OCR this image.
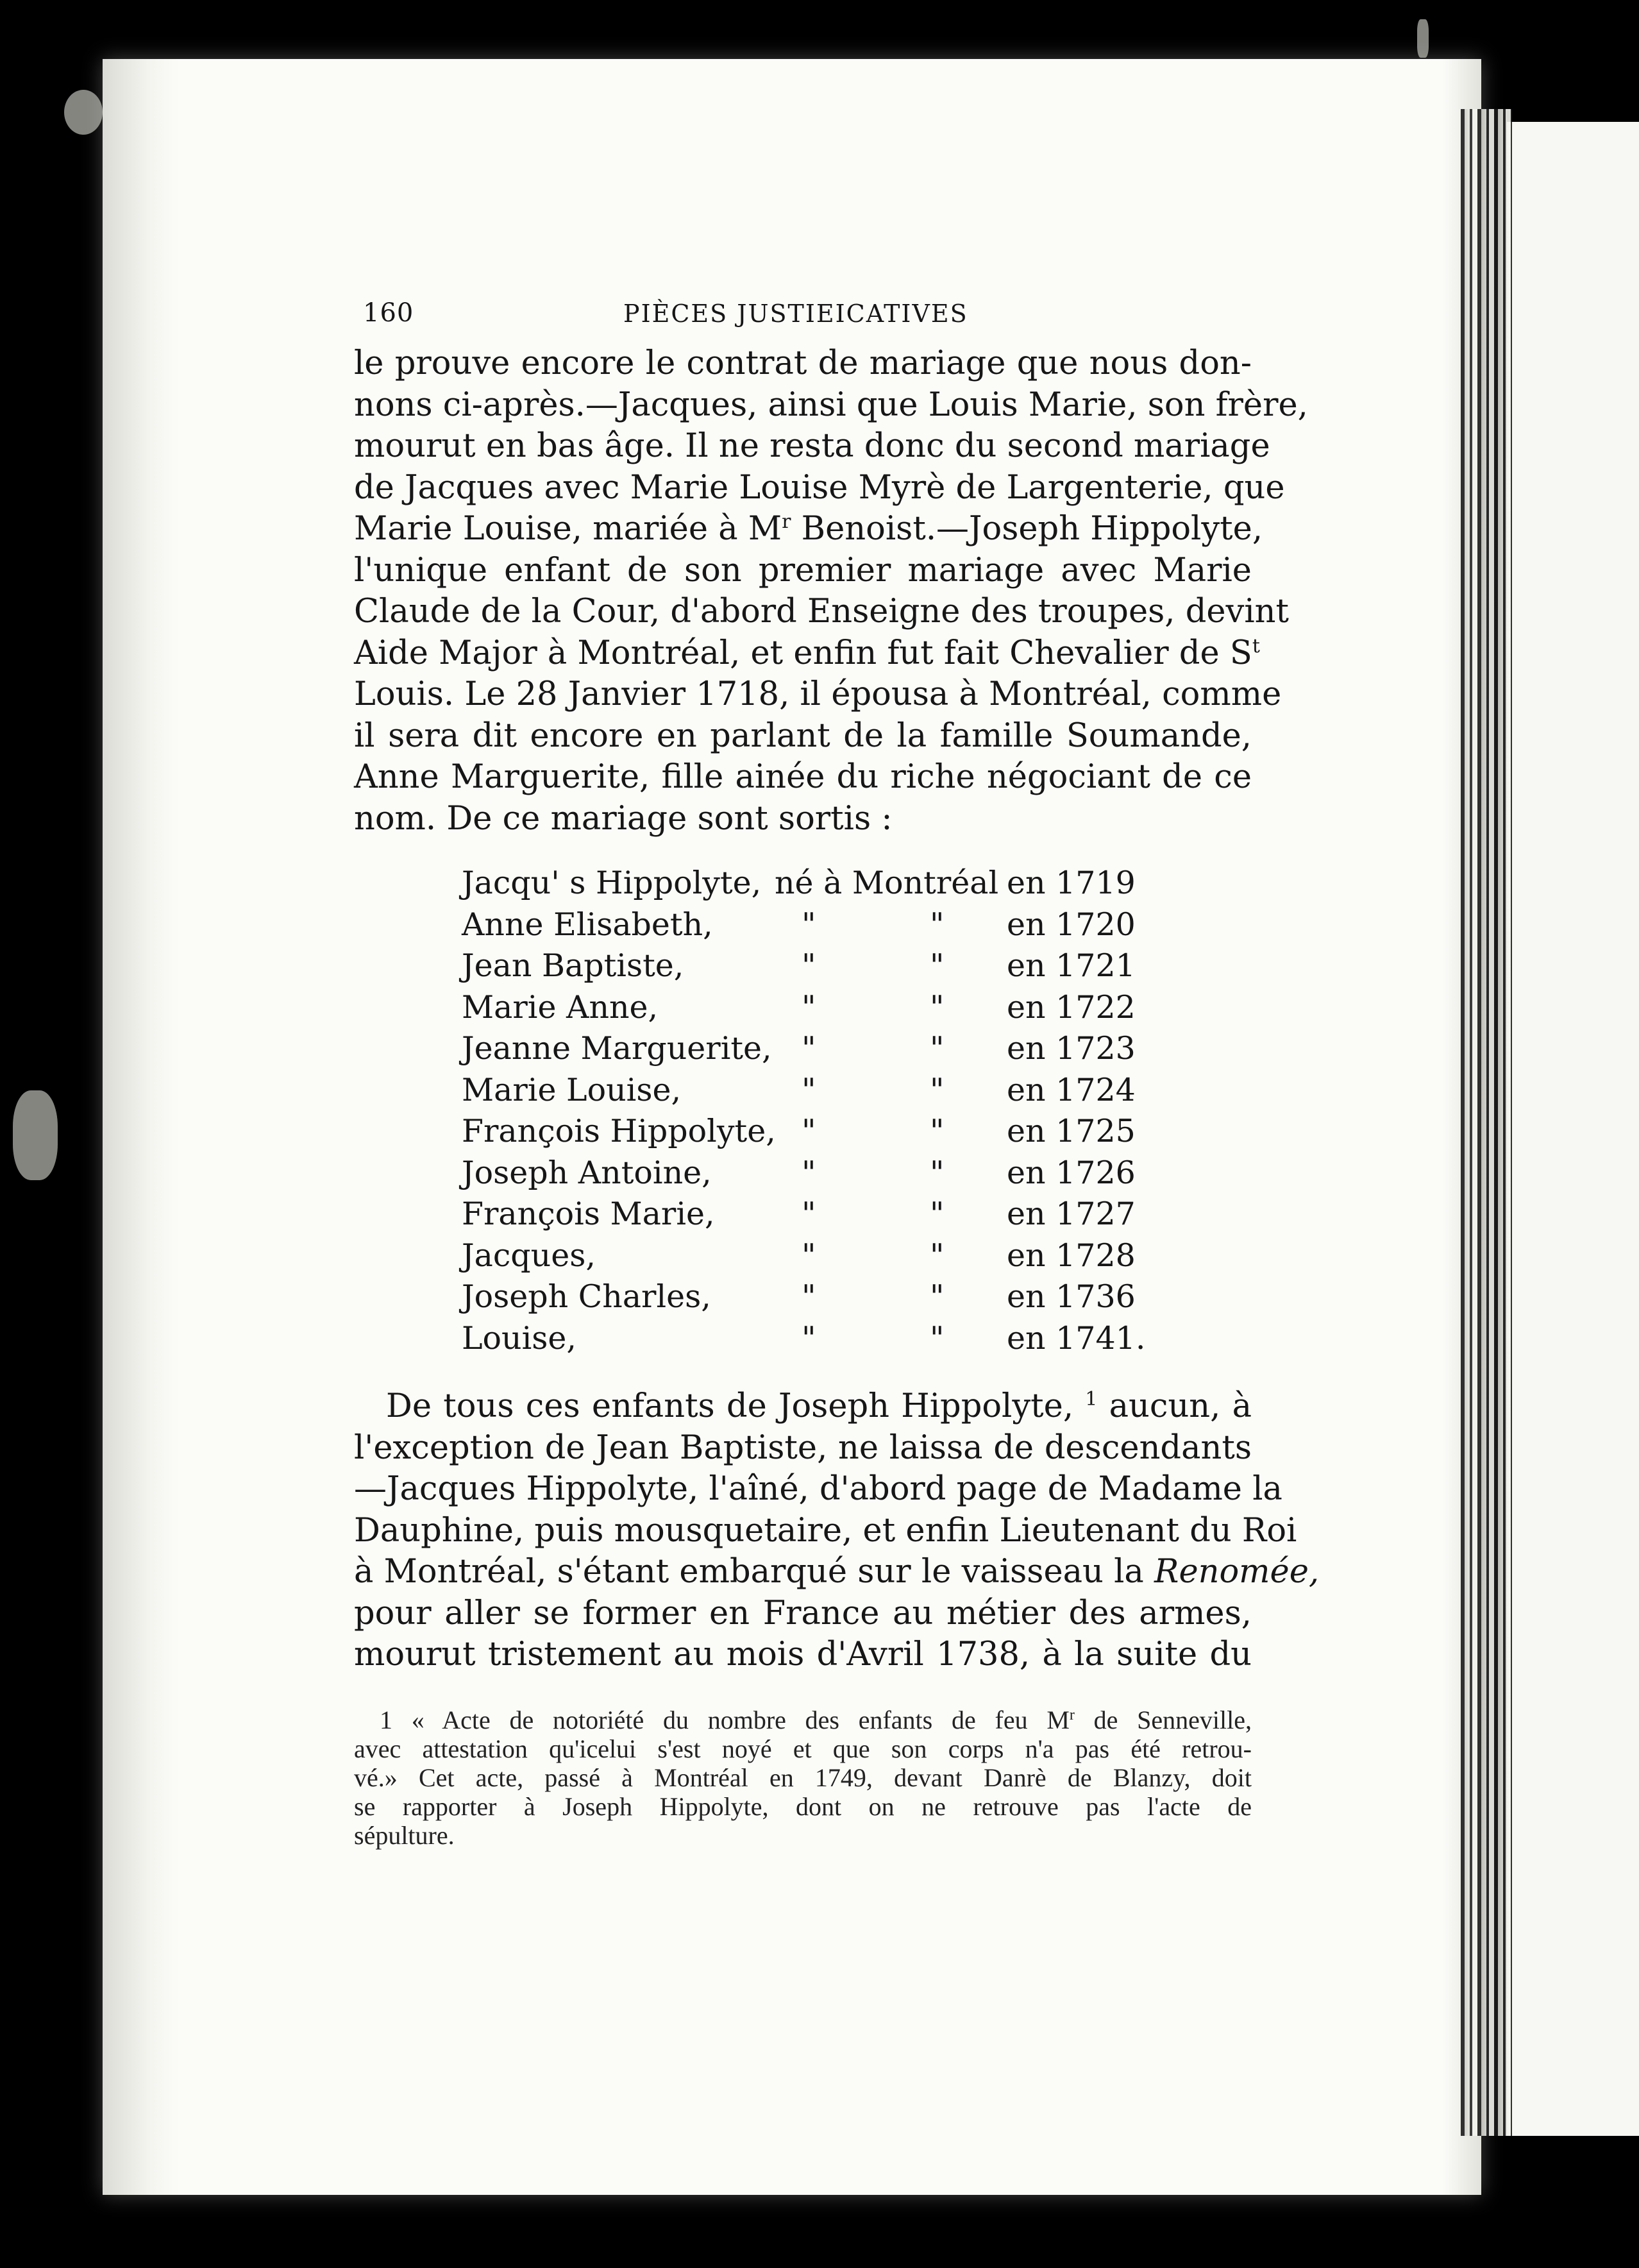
160	PIÈCES JUSTIEICATIVES
le prouve encore le contrat de mariage que nous don-
nons ci-après.—Jacques, ainsi que Louis Marie, son frère,
mourut en bas âge. Il ne resta donc du second mariage
de Jacques avec Marie Louise Myrè de Largenterie, que
Marie Louise, mariée à $M^r$ Benoist.—Joseph Hippolyte,
l'unique enfant de son premier mariage avec Marie
Claude de la Cour, d'abord Enseigne des troupes, devint
Aide Major à Montréal, et enfin fut fait Chevalier de $S^t$
Louis. Le 28 Janvier 1718, il épousa à Montréal, comme
il sera dit encore en parlant de la famille Soumande,
Anne Marguerite, fille ainée du riche négociant de ce
nom. De ce mariage sont sortis :
Jacqu' s Hippolyte, né à Montréal en 1719
Anne Elisabeth,	"	" en 1720
Jean Baptiste,	"	" en 1721
Marie Anne,	"	" en 1722
Jeanne Marguerite, "	" en 1723
Marie Louise,	"	" en 1724
François Hippolyte, "	" en 1725
Joseph Antoine,	"	" en 1726
François Marie,	"	" en 1727
Jacques,	"	" en 1728
Joseph Charles,	"	" en 1736
Louise,	"	" en 1741.
De tous ces enfants de Joseph Hippolyte, $^1$ aucun, à
l'exception de Jean Baptiste, ne laissa de descendants
—Jacques Hippolyte, l'aîné, d'abord page de Madame la
Dauphine, puis mousquetaire, et enfin Lieutenant du Roi
à Montréal, s'étant embarqué sur le vaisseau la Renomée,
pour aller se former en France au métier des armes,
mourut tristement au mois d'Avril 1738, à la suite du
1 « Acte de notoriété du nombre des enfants de feu $M^r$ de Senneville,
avec attestation qu'icelui s'est noyé et que son corps n'a pas été retrou-
vé.» Cet acte, passé à Montréal en 1749, devant Danrè de Blanzy, doit
se rapporter à Joseph Hippolyte, dont on ne retrouve pas l'acte de
sépulture.
